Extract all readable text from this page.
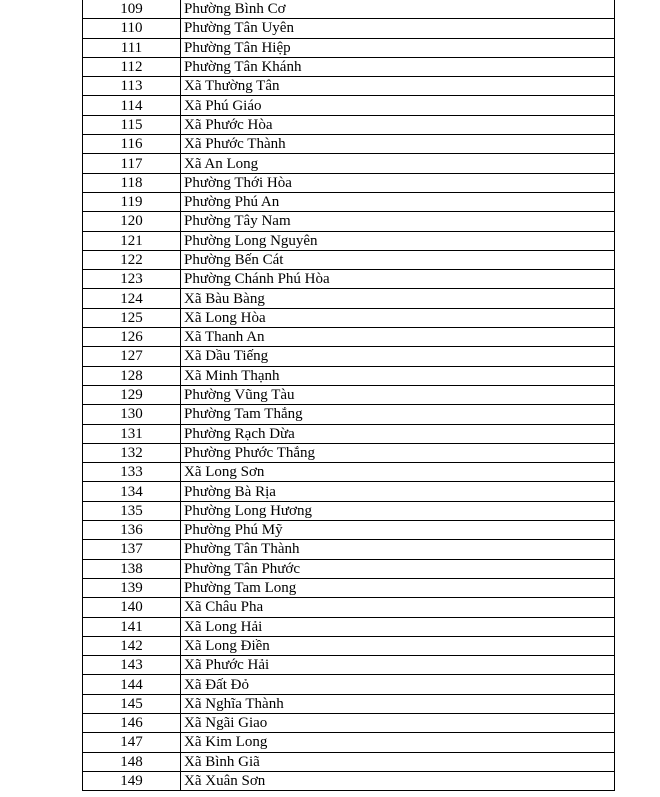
109	Phường Bình Cơ
110	Phường Tân Uyên
111	Phường Tân Hiệp
112	Phường Tân Khánh
113	Xã Thường Tân
114	Xã Phú Giáo
115	Xã Phước Hòa
116	Xã Phước Thành
117	Xã An Long
118	Phường Thới Hòa
119	Phường Phú An
120	Phường Tây Nam
121	Phường Long Nguyên
122	Phường Bến Cát
123	Phường Chánh Phú Hòa
124	Xã Bàu Bàng
125	Xã Long Hòa
126	Xã Thanh An
127	Xã Dầu Tiếng
128	Xã Minh Thạnh
129	Phường Vũng Tàu
130	Phường Tam Thắng
131	Phường Rạch Dừa
132	Phường Phước Thắng
133	Xã Long Sơn
134	Phường Bà Rịa
135	Phường Long Hương
136	Phường Phú Mỹ
137	Phường Tân Thành
138	Phường Tân Phước
139	Phường Tam Long
140	Xã Châu Pha
141	Xã Long Hải
142	Xã Long Điền
143	Xã Phước Hải
144	Xã Đất Đỏ
145	Xã Nghĩa Thành
146	Xã Ngãi Giao
147	Xã Kim Long
148	Xã Bình Giã
149	Xã Xuân Sơn
